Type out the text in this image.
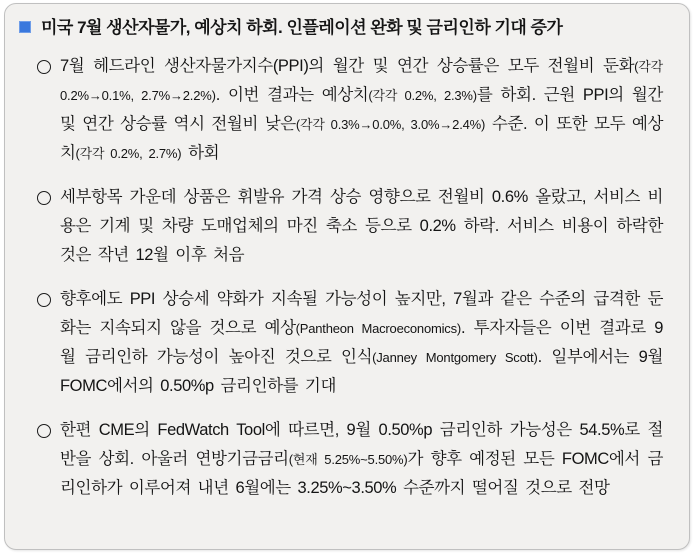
미국 7월 생산자물가, 예상치 하회. 인플레이션 완화 및 금리인하 기대 증가

7월 헤드라인 생산자물가지수(PPI)의 월간 및 연간 상승률은 모두 전월비 둔화(각각 0.2%→0.1%, 2.7%→2.2%). 이번 결과는 예상치(각각 0.2%, 2.3%)를 하회. 근원 PPI의 월간 및 연간 상승률 역시 전월비 낮은(각각 0.3%→0.0%, 3.0%→2.4%) 수준. 이 또한 모두 예상치(각각 0.2%, 2.7%) 하회

세부항목 가운데 상품은 휘발유 가격 상승 영향으로 전월비 0.6% 올랐고, 서비스 비용은 기계 및 차량 도매업체의 마진 축소 등으로 0.2% 하락. 서비스 비용이 하락한 것은 작년 12월 이후 처음

향후에도 PPI 상승세 약화가 지속될 가능성이 높지만, 7월과 같은 수준의 급격한 둔화는 지속되지 않을 것으로 예상(Pantheon Macroeconomics). 투자자들은 이번 결과로 9월 금리인하 가능성이 높아진 것으로 인식(Janney Montgomery Scott). 일부에서는 9월 FOMC에서의 0.50%p 금리인하를 기대

한편 CME의 FedWatch Tool에 따르면, 9월 0.50%p 금리인하 가능성은 54.5%로 절반을 상회. 아울러 연방기금금리(현재 5.25%~5.50%)가 향후 예정된 모든 FOMC에서 금리인하가 이루어져 내년 6월에는 3.25%~3.50% 수준까지 떨어질 것으로 전망
